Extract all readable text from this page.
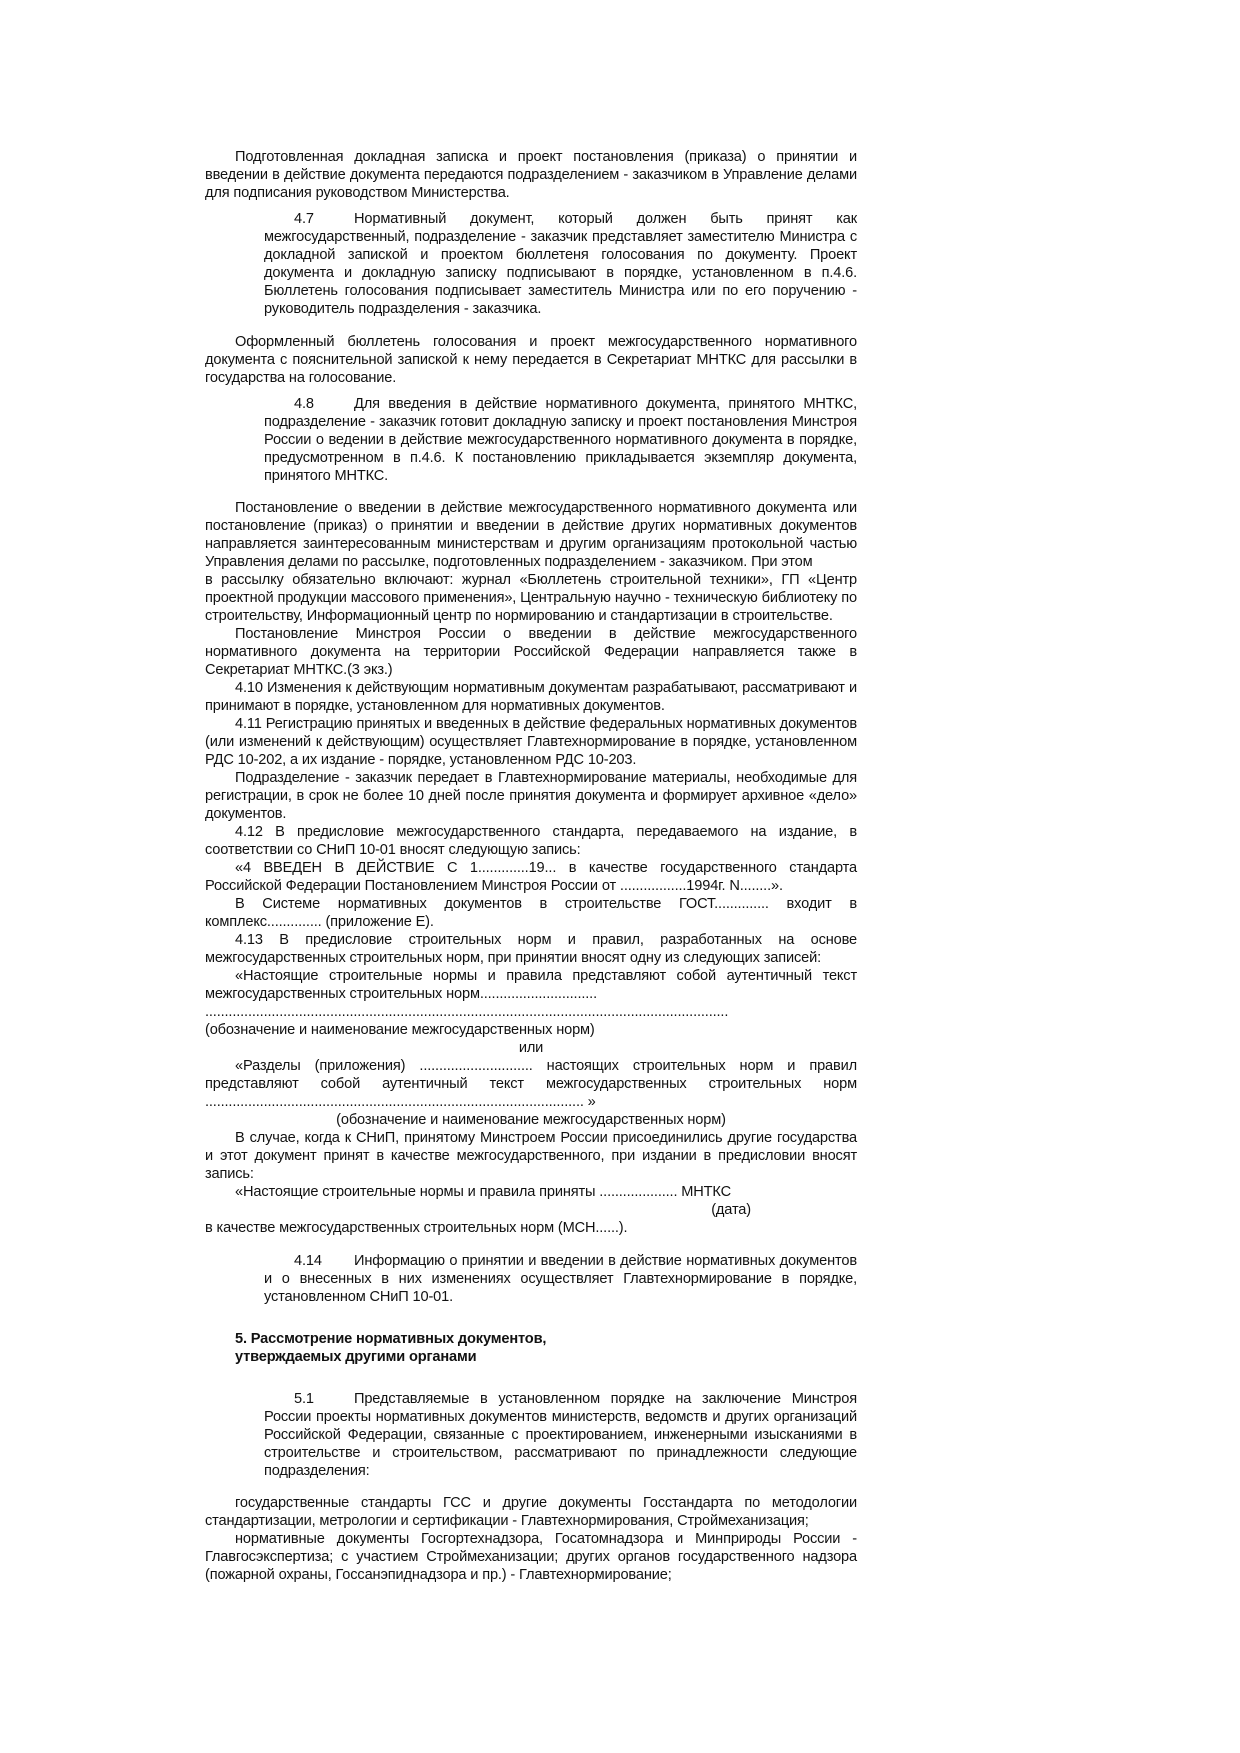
Подготовленная докладная записка и проект постановления (приказа) о принятии и введении в действие документа передаются подразделением - заказчиком в Управление делами для подписания руководством Министерства.

4.7	Нормативный документ, который должен быть принят как межгосударственный, подразделение - заказчик представляет заместителю Министра с докладной запиской и проектом бюллетеня голосования по документу. Проект документа и докладную записку подписывают в порядке, установленном в п.4.6. Бюллетень голосования подписывает заместитель Министра или по его поручению - руководитель подразделения - заказчика.

Оформленный бюллетень голосования и проект межгосударственного нормативного документа с пояснительной запиской к нему передается в Секретариат МНТКС для рассылки в государства на голосование.

4.8	Для введения в действие нормативного документа, принятого МНТКС, подразделение - заказчик готовит докладную записку и проект постановления Минстроя России о ведении в действие межгосударственного нормативного документа в порядке, предусмотренном в п.4.6. К постановлению прикладывается экземпляр документа, принятого МНТКС.

Постановление о введении в действие межгосударственного нормативного документа или постановление (приказ) о принятии и введении в действие других нормативных документов направляется заинтересованным министерствам и другим организациям протокольной частью Управления делами по рассылке, подготовленных подразделением - заказчиком. При этом

в рассылку обязательно включают: журнал «Бюллетень строительной техники», ГП «Центр проектной продукции массового применения», Центральную научно - техническую библиотеку по строительству, Информационный центр по нормированию и стандартизации в строительстве.

Постановление Минстроя России о введении в действие межгосударственного нормативного документа на территории Российской Федерации направляется также в Секретариат МНТКС.(3 экз.)

4.10 Изменения к действующим нормативным документам разрабатывают, рассматривают и принимают в порядке, установленном для нормативных документов.

4.11 Регистрацию принятых и введенных в действие федеральных нормативных документов (или изменений к действующим) осуществляет Главтехнормирование в порядке, установленном РДС 10-202, а их издание - порядке, установленном РДС 10-203.

Подразделение - заказчик передает в Главтехнормирование материалы, необходимые для регистрации, в срок не более 10 дней после принятия документа и формирует архивное «дело» документов.

4.12 В предисловие межгосударственного стандарта, передаваемого на издание, в соответствии со СНиП 10-01 вносят следующую запись:

«4 ВВЕДЕН В ДЕЙСТВИЕ С 1.............19... в качестве государственного стандарта Российской Федерации Постановлением Минстроя России от .................1994г. N........».

В Системе нормативных документов в строительстве ГОСТ.............. входит в комплекс.............. (приложение Е).

4.13 В предисловие строительных норм и правил, разработанных на основе межгосударственных строительных норм, при принятии вносят одну из следующих записей:

«Настоящие строительные нормы и правила представляют собой аутентичный текст межгосударственных строительных норм..............................

......................................................................................................................................

(обозначение и наименование межгосударственных норм)

или

«Разделы (приложения) ............................. настоящих строительных норм и правил представляют собой аутентичный текст межгосударственных строительных норм ................................................................................................. »

(обозначение и наименование межгосударственных норм)

В случае, когда к СНиП, принятому Минстроем России присоединились другие государства и этот документ принят в качестве межгосударственного, при издании в предисловии вносят запись:

«Настоящие строительные нормы и правила приняты .................... МНТКС

(дата)

в качестве межгосударственных строительных норм (МСН......).

4.14 Информацию о принятии и введении в действие нормативных документов и о внесенных в них изменениях осуществляет Главтехнормирование в порядке, установленном СНиП 10-01.

5. Рассмотрение нормативных документов,
утверждаемых другими органами

5.1	Представляемые в установленном порядке на заключение Минстроя России проекты нормативных документов министерств, ведомств и других организаций Российской Федерации, связанные с проектированием, инженерными изысканиями в строительстве и строительством, рассматривают по принадлежности следующие подразделения:

государственные стандарты ГСС и другие документы Госстандарта по методологии стандартизации, метрологии и сертификации - Главтехнормирования, Строймеханизация;

нормативные документы Госгортехнадзора, Госатомнадзора и Минприроды России - Главгосэкспертиза; с участием Строймеханизации; других органов государственного надзора (пожарной охраны, Госсанэпиднадзора и пр.) - Главтехнормирование;
